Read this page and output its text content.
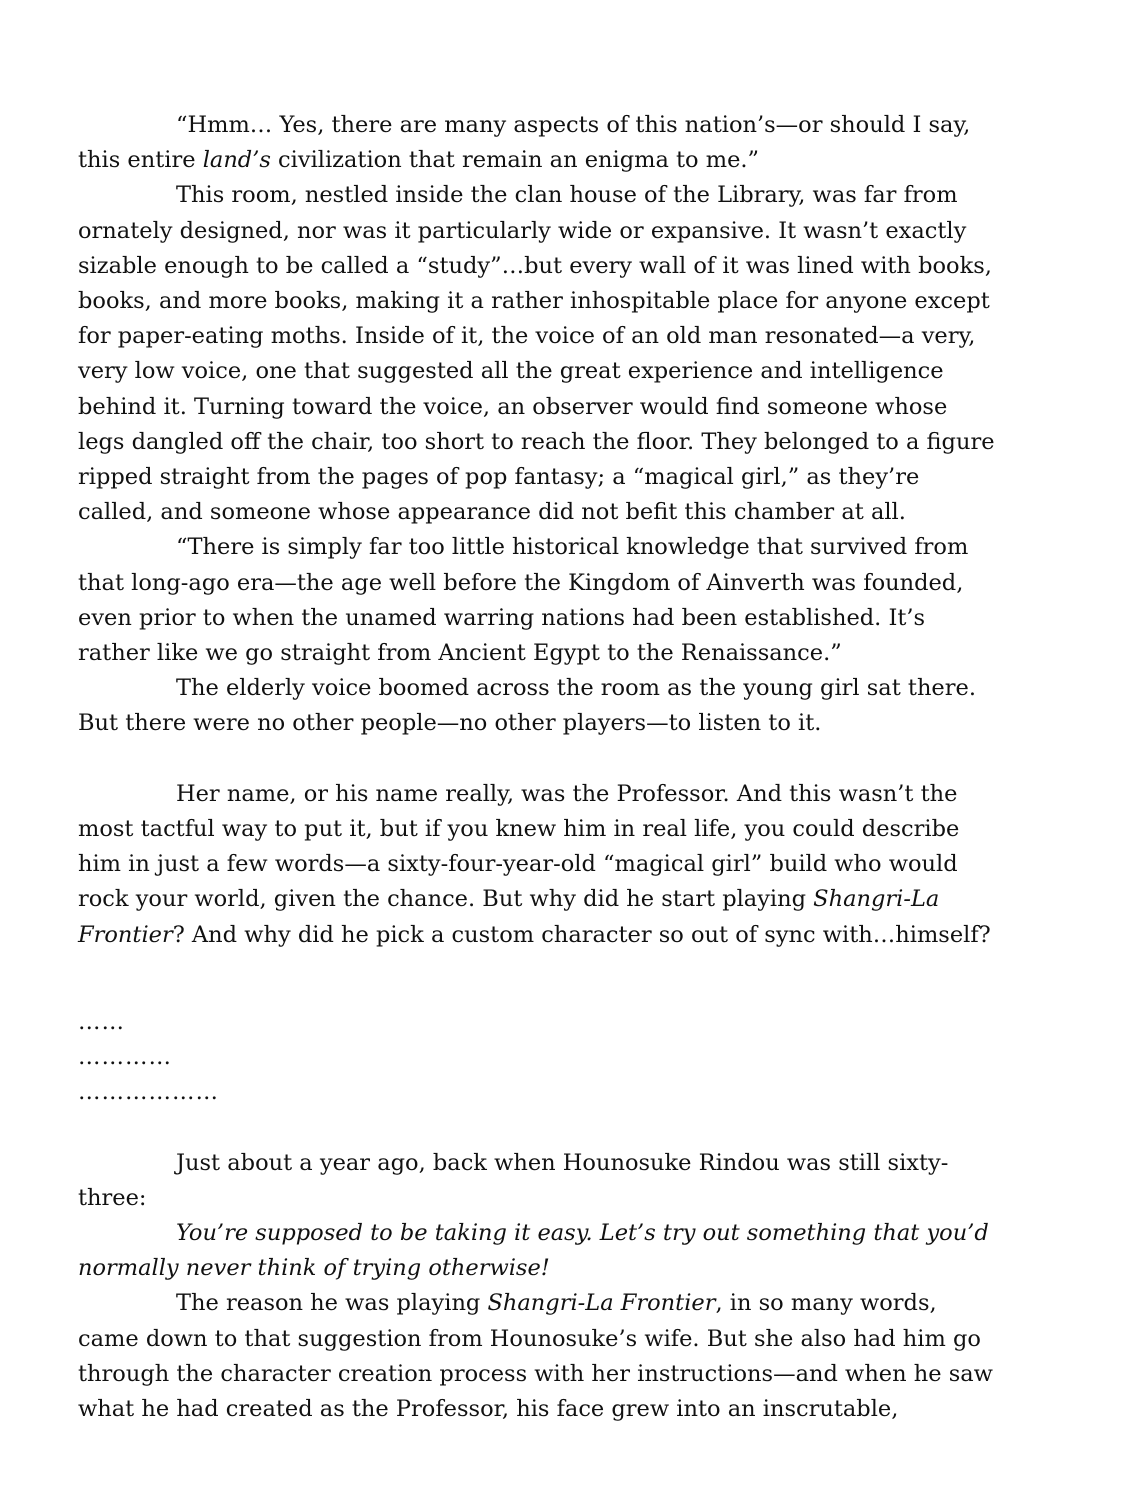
“Hmm… Yes, there are many aspects of this nation’s—or should I say, this entire land’s civilization that remain an enigma to me.”

This room, nestled inside the clan house of the Library, was far from ornately designed, nor was it particularly wide or expansive. It wasn’t exactly sizable enough to be called a “study”…but every wall of it was lined with books, books, and more books, making it a rather inhospitable place for anyone except for paper-eating moths. Inside of it, the voice of an old man resonated—a very, very low voice, one that suggested all the great experience and intelligence behind it. Turning toward the voice, an observer would find someone whose legs dangled off the chair, too short to reach the floor. They belonged to a figure ripped straight from the pages of pop fantasy; a “magical girl,” as they’re called, and someone whose appearance did not befit this chamber at all.

“There is simply far too little historical knowledge that survived from that long-ago era—the age well before the Kingdom of Ainverth was founded, even prior to when the unamed warring nations had been established. It’s rather like we go straight from Ancient Egypt to the Renaissance.”

The elderly voice boomed across the room as the young girl sat there. But there were no other people—no other players—to listen to it.

Her name, or his name really, was the Professor. And this wasn’t the most tactful way to put it, but if you knew him in real life, you could describe him in just a few words—a sixty-four-year-old “magical girl” build who would rock your world, given the chance. But why did he start playing Shangri-La Frontier? And why did he pick a custom character so out of sync with…himself?

……

…………

………………

Just about a year ago, back when Hounosuke Rindou was still sixty-three:

You’re supposed to be taking it easy. Let’s try out something that you’d normally never think of trying otherwise!

The reason he was playing Shangri-La Frontier, in so many words, came down to that suggestion from Hounosuke’s wife. But she also had him go through the character creation process with her instructions—and when he saw what he had created as the Professor, his face grew into an inscrutable,
